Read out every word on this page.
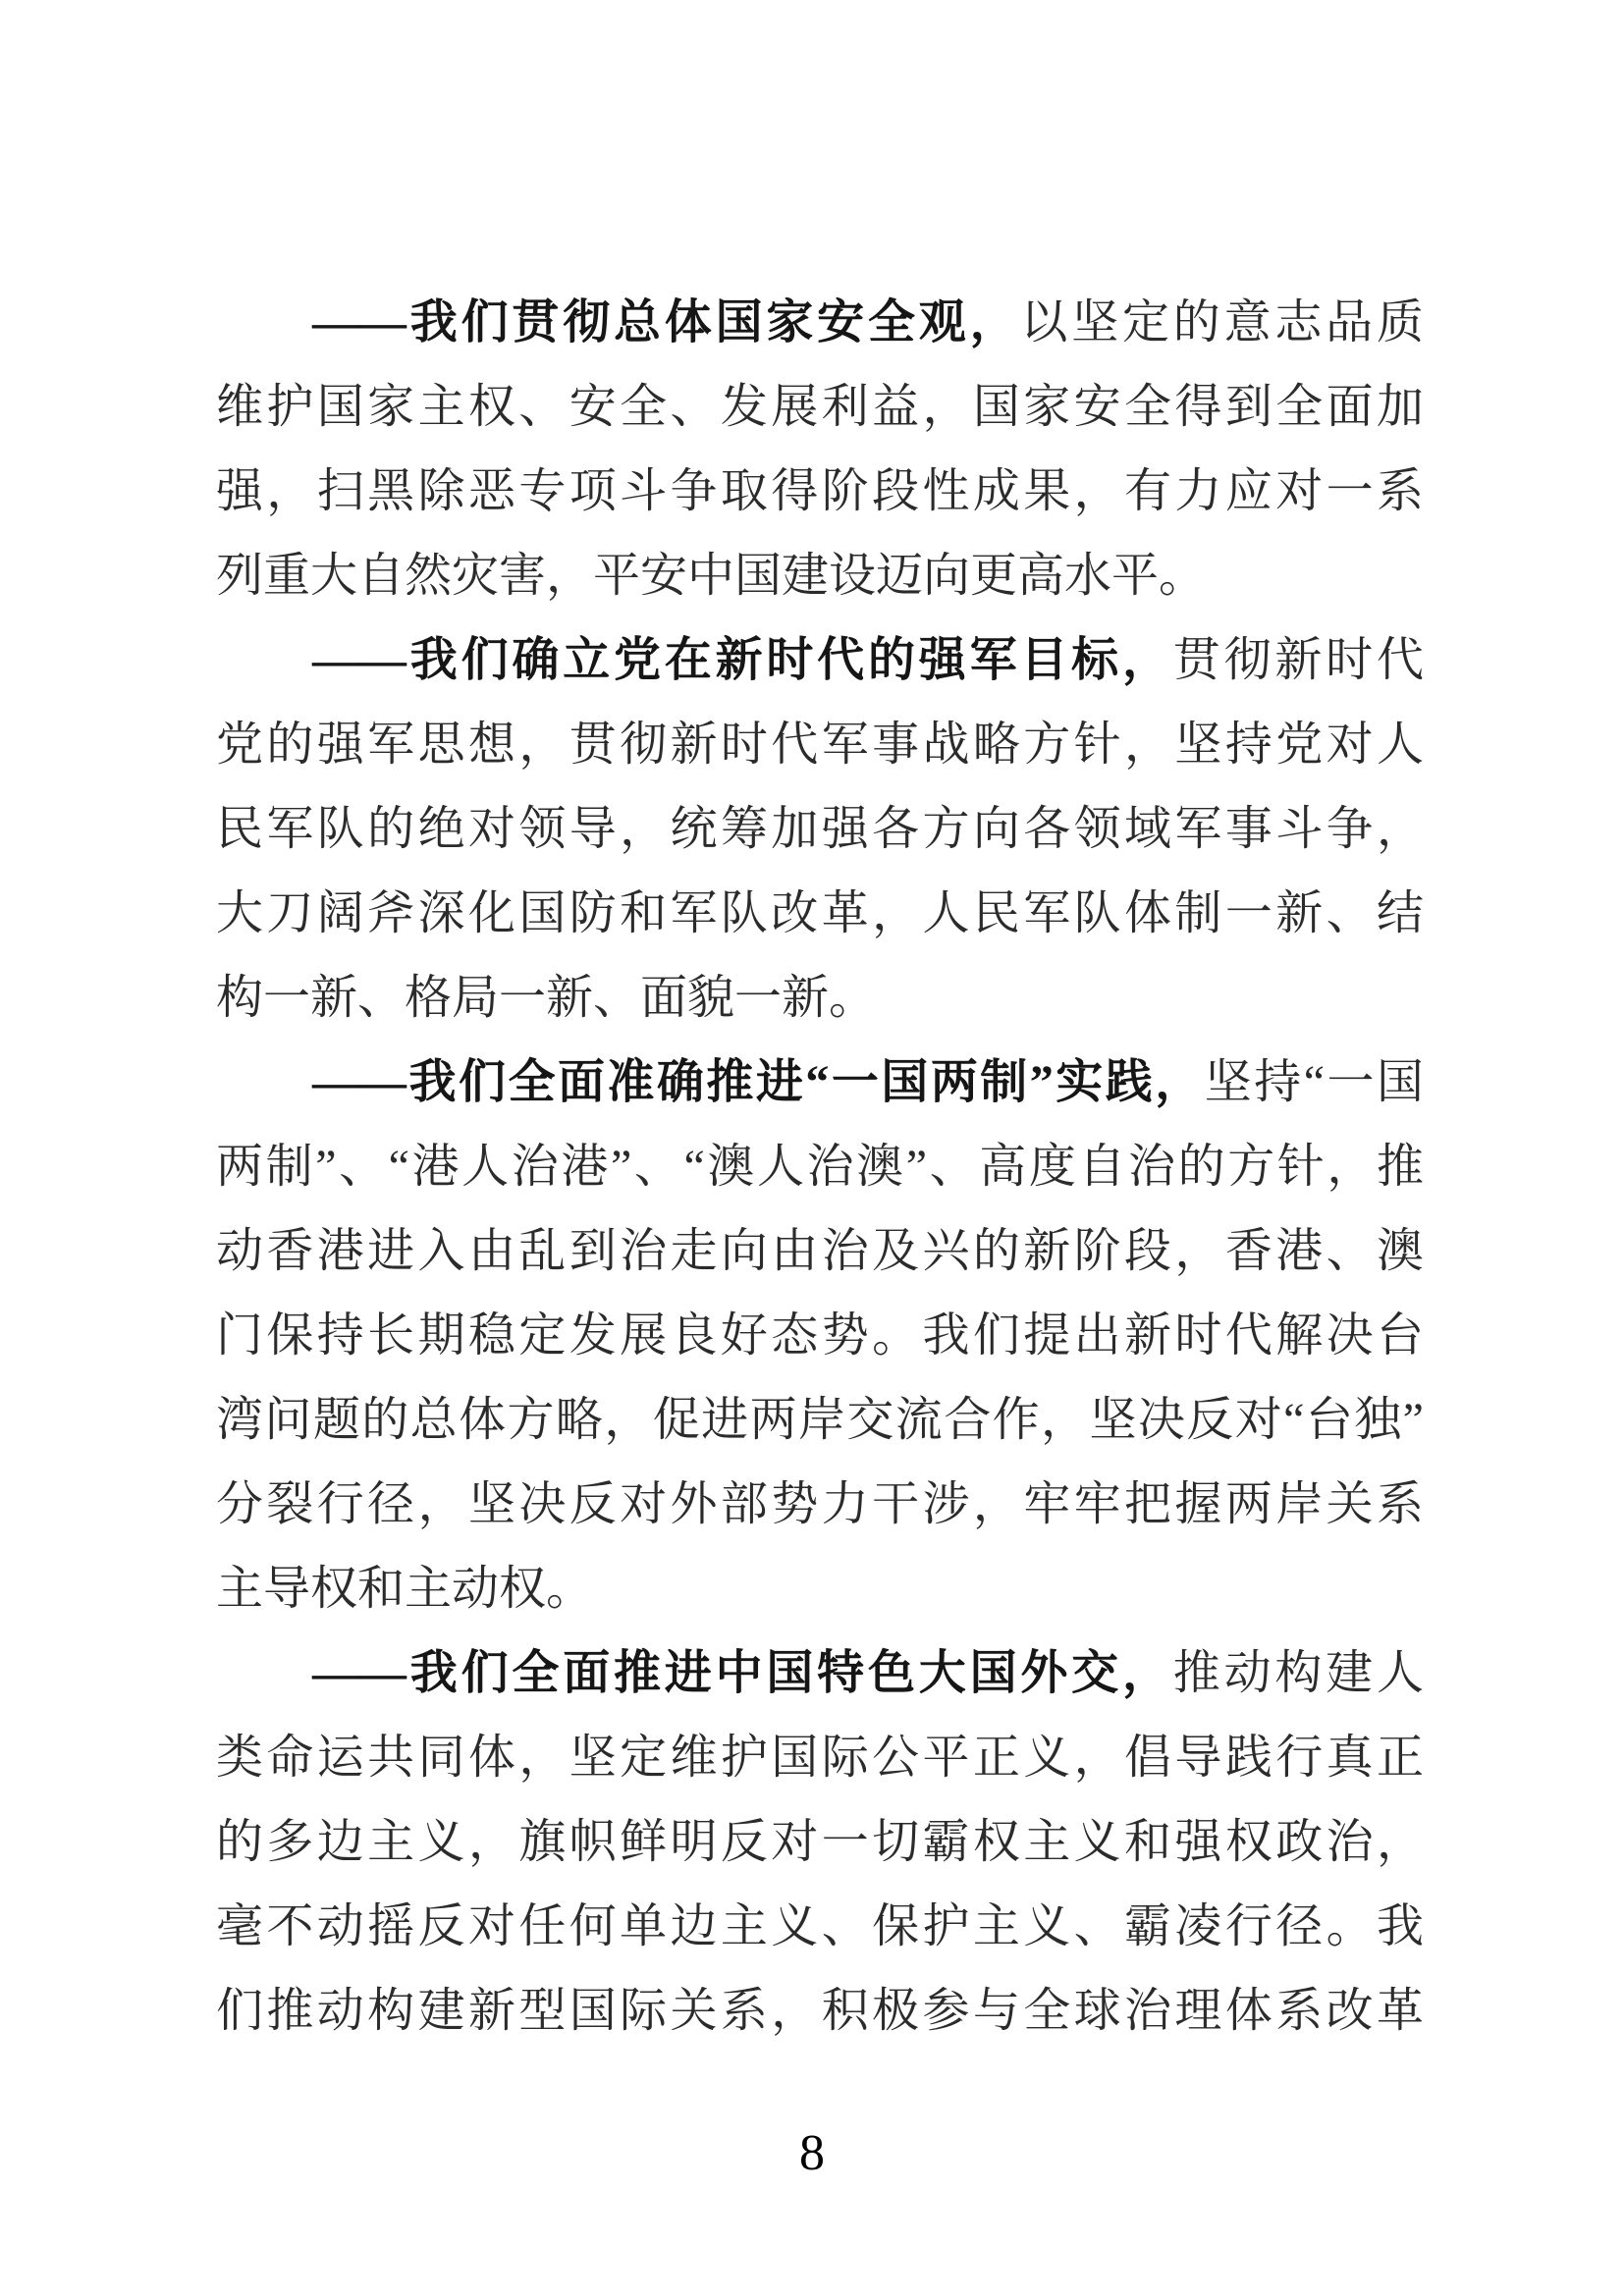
——我们贯彻总体国家安全观，以坚定的意志品质
维护国家主权、安全、发展利益，国家安全得到全面加
强，扫黑除恶专项斗争取得阶段性成果，有力应对一系
列重大自然灾害，平安中国建设迈向更高水平。
——我们确立党在新时代的强军目标，贯彻新时代
党的强军思想，贯彻新时代军事战略方针，坚持党对人
民军队的绝对领导，统筹加强各方向各领域军事斗争，
大刀阔斧深化国防和军队改革，人民军队体制一新、结
构一新、格局一新、面貌一新。
——我们全面准确推进“一国两制”实践，坚持“一国
两制”、“港人治港”、“澳人治澳”、高度自治的方针，推
动香港进入由乱到治走向由治及兴的新阶段，香港、澳
门保持长期稳定发展良好态势。我们提出新时代解决台
湾问题的总体方略，促进两岸交流合作，坚决反对“台独”
分裂行径，坚决反对外部势力干涉，牢牢把握两岸关系
主导权和主动权。
——我们全面推进中国特色大国外交，推动构建人
类命运共同体，坚定维护国际公平正义，倡导践行真正
的多边主义，旗帜鲜明反对一切霸权主义和强权政治，
毫不动摇反对任何单边主义、保护主义、霸凌行径。我
们推动构建新型国际关系，积极参与全球治理体系改革
8
